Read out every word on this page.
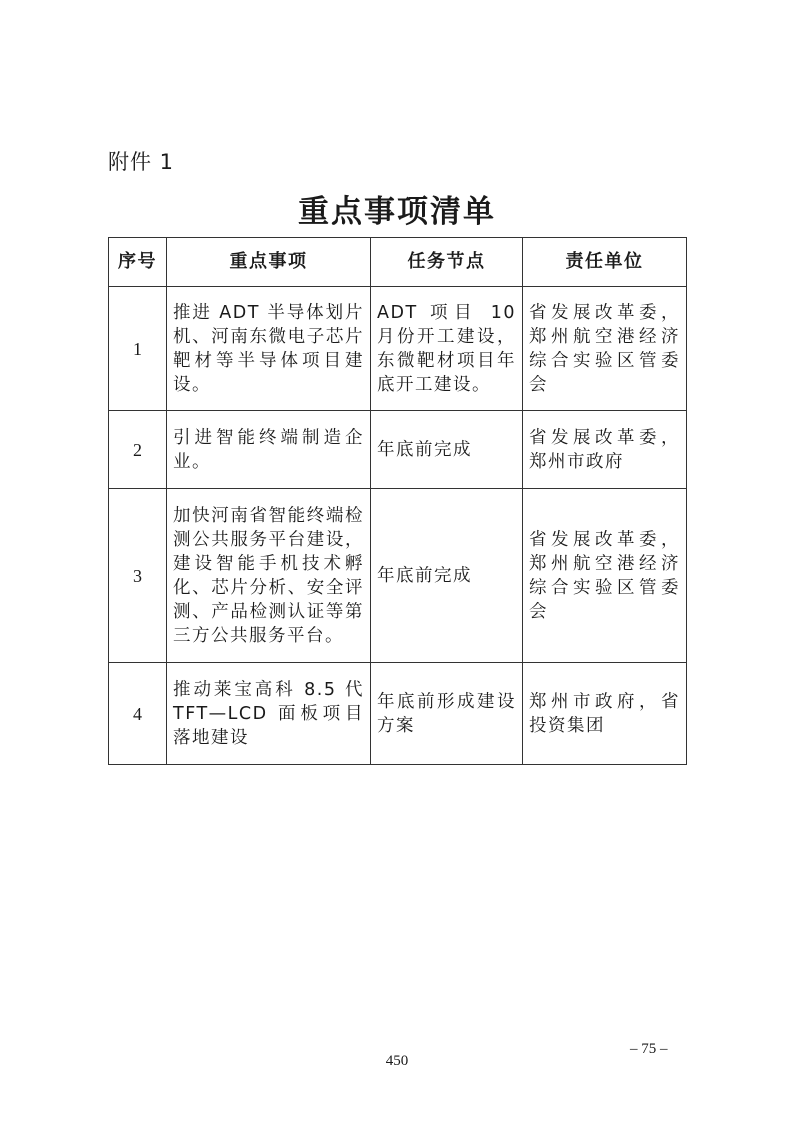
附件 1
重点事项清单
序号	重点事项	任务节点	责任单位
1	推进 ADT 半导体划片机、河南东微电子芯片靶材等半导体项目建设。	ADT 项目 10 月份开工建设，东微靶材项目年底开工建设。	省发展改革委，郑州航空港经济综合实验区管委会
2	引进智能终端制造企业。	年底前完成	省发展改革委，郑州市政府
3	加快河南省智能终端检测公共服务平台建设，建设智能手机技术孵化、芯片分析、安全评测、产品检测认证等第三方公共服务平台。	年底前完成	省发展改革委，郑州航空港经济综合实验区管委会
4	推动莱宝高科 8.5 代 TFT—LCD 面板项目落地建设	年底前形成建设方案	郑州市政府，省投资集团
– 75 –
450
